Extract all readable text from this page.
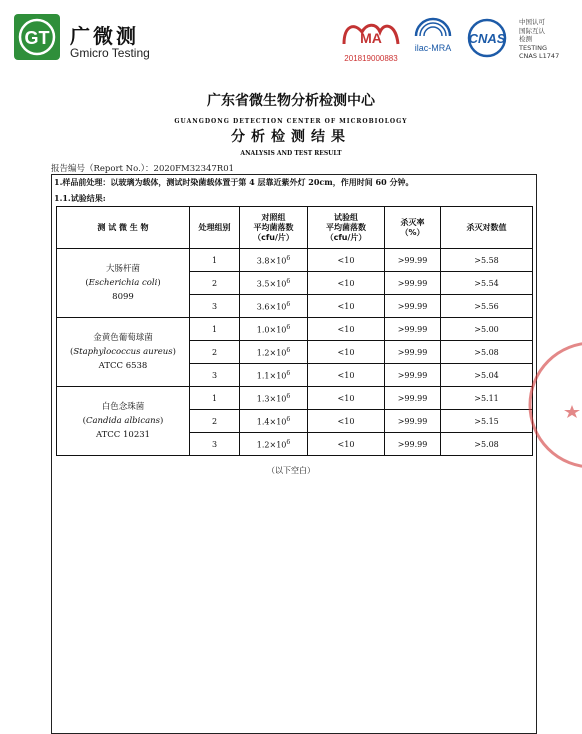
GT 广微测
Gmicro Testing
MA
201819000883
ilac-MRA
CNAS
中国认可
国际互认
检测
TESTING
CNAS L1747
广东省微生物分析检测中心
GUANGDONG DETECTION CENTER OF MICROBIOLOGY
分析检测结果
ANALYSIS AND TEST RESULT
报告编号（Report No.）：2020FM32347R01
1.样品前处理：以玻璃为载体，测试时染菌载体置于第 4 层靠近紫外灯 20cm，作用时间 60 分钟。
1.1.试验结果:
测 试 微 生 物	处理组别	对照组
平均菌落数
（cfu/片）	试验组
平均菌落数
（cfu/片）	杀灭率
（%）	杀灭对数值

大肠杆菌
(Escherichia coli)
8099	1	$3.8\times 10^6$	<10	>99.99	>5.58
	2	$3.5\times 10^6$	<10	>99.99	>5.54
	3	$3.6\times 10^6$	<10	>99.99	>5.56

金黄色葡萄球菌
(Staphylococcus aureus)
ATCC 6538	1	$1.0\times 10^6$	<10	>99.99	>5.00
	2	$1.2\times 10^6$	<10	>99.99	>5.08
	3	$1.1\times 10^6$	<10	>99.99	>5.04

白色念珠菌
(Candida albicans)
ATCC 10231	1	$1.3\times 10^6$	<10	>99.99	>5.11
	2	$1.4\times 10^6$	<10	>99.99	>5.15
	3	$1.2\times 10^6$	<10	>99.99	>5.08
（以下空白）
